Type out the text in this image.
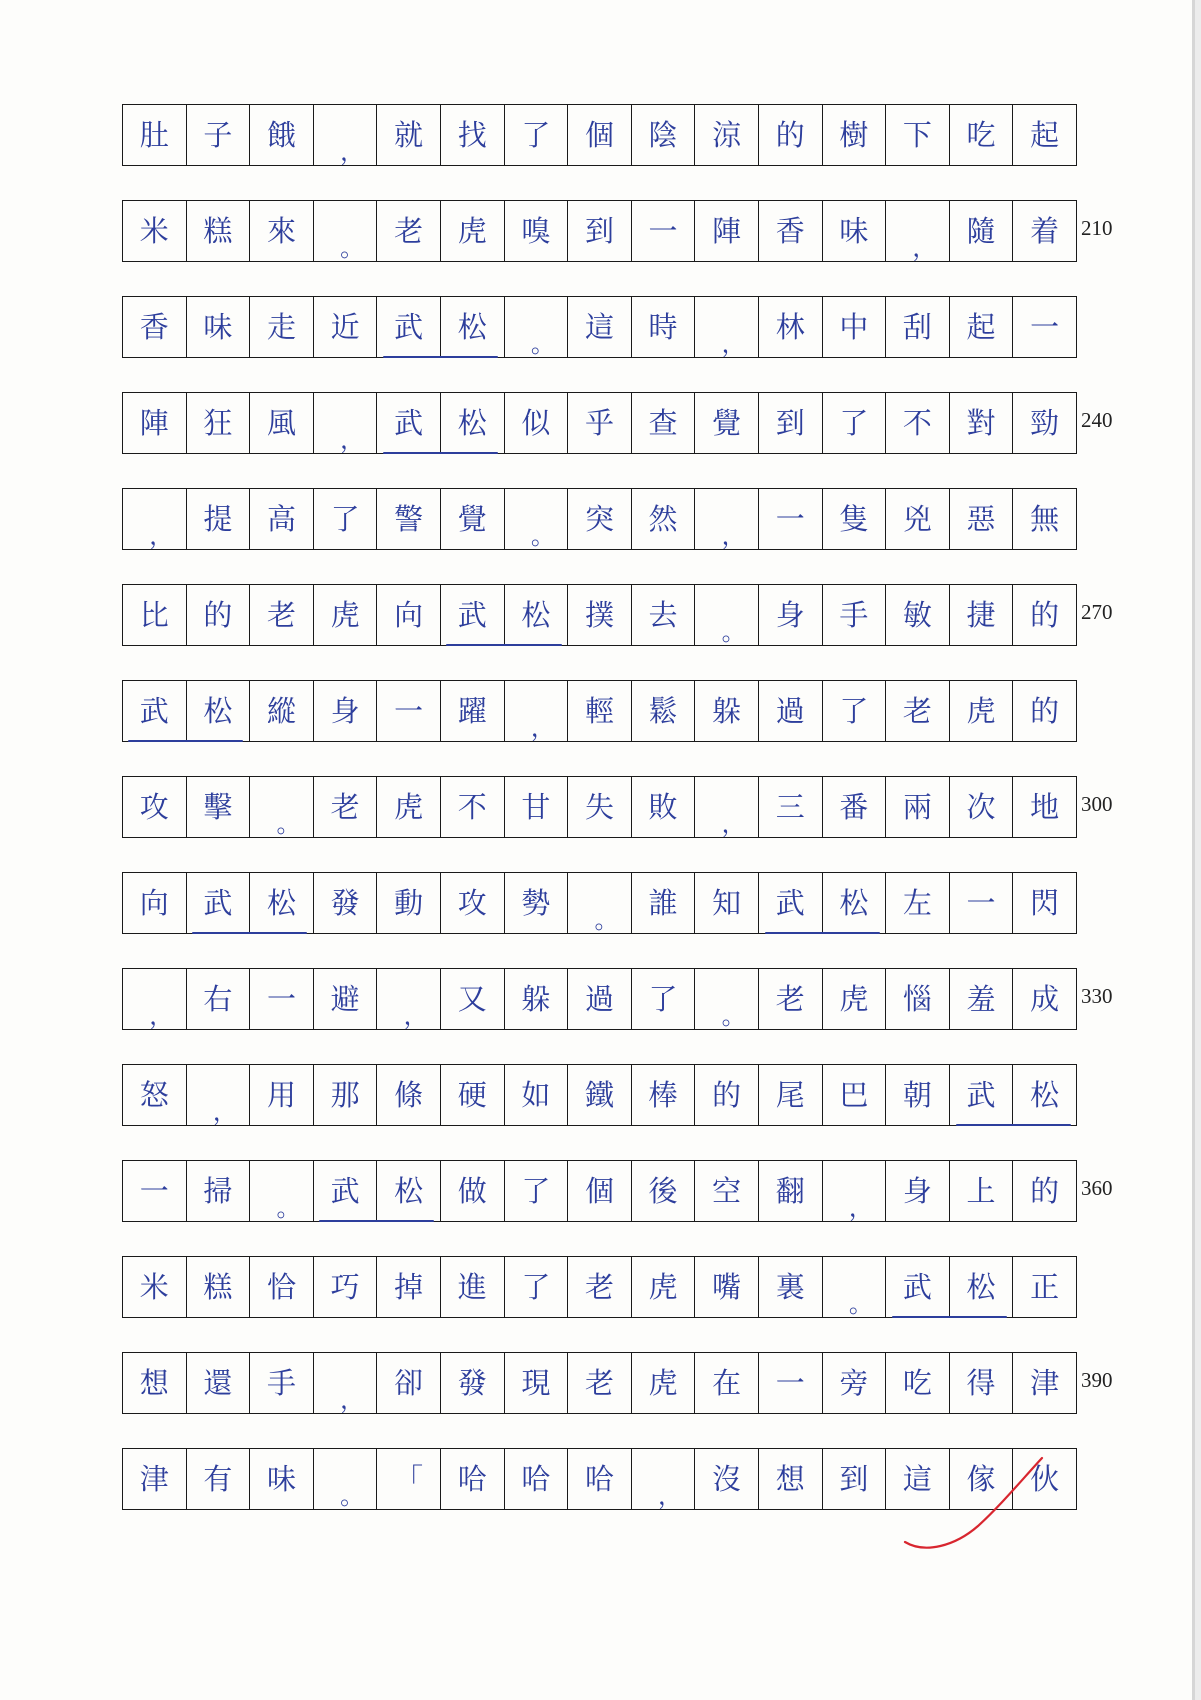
肚 子 餓
，
就 找 了 個 陰 涼 的 樹 下 吃 起
米 糕 來
。
老 虎 嗅 到 一 陣 香 味
，
隨 着
香 味 走 近 武 松
。
這 時
，
林 中 刮 起 一
陣 狂 風
，
武 松 似 乎 查 覺 到 了 不 對 勁
，
提 高 了 警 覺
。
突 然
，
一 隻 兇 惡 無
比 的 老 虎 向 武 松 撲 去
。
身 手 敏 捷 的
武 松 縱 身 一 躍
，
輕 鬆 躲 過 了 老 虎 的
攻 擊
。
老 虎 不 甘 失 敗
，
三 番 兩 次 地
向 武 松 發 動 攻 勢
。
誰 知 武 松 左 一 閃
，
右 一 避
，
又 躲 過 了
。
老 虎 惱 羞 成
怒
，
用 那 條 硬 如 鐵 棒 的 尾 巴 朝 武 松
一 掃
。
武 松 做 了 個 後 空 翻
，
身 上 的
米 糕 恰 巧 掉 進 了 老 虎 嘴 裏
。
武 松 正
想 還 手
，
卻 發 現 老 虎 在 一 旁 吃 得 津
津 有 味
。
「 哈 哈 哈
，
沒 想 到 這 傢 伙
210
240
270
300
330
360
390
